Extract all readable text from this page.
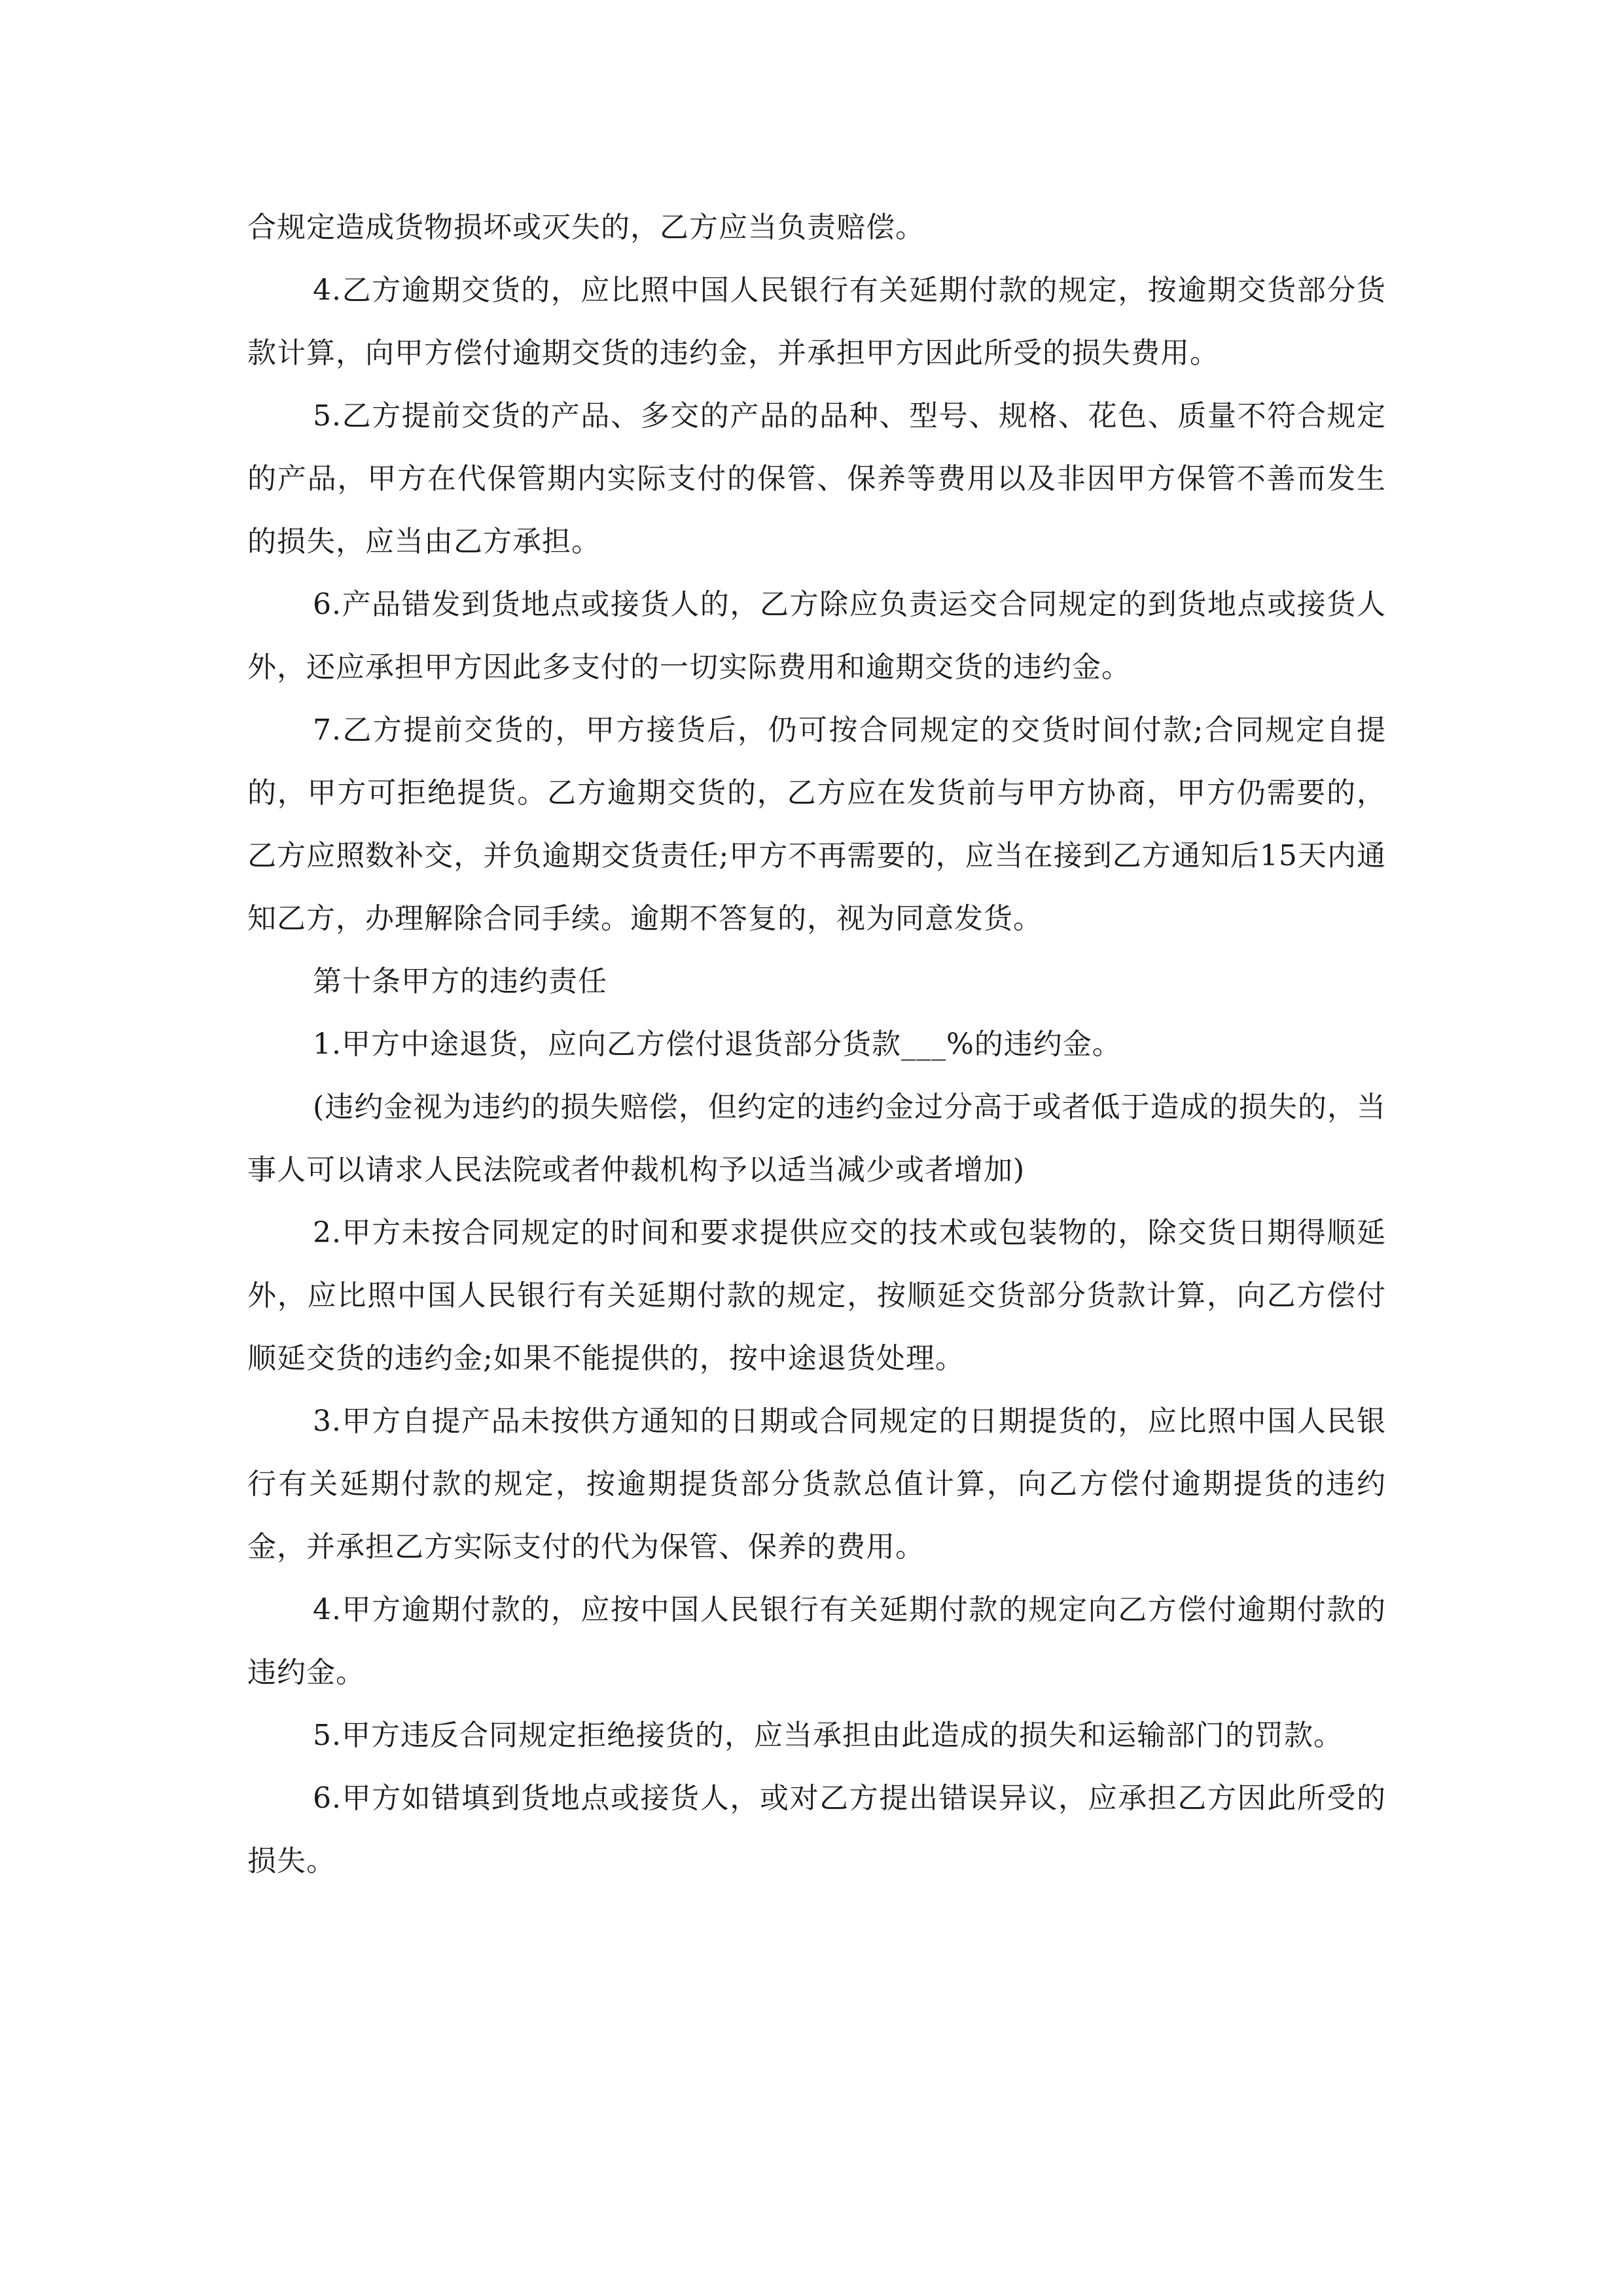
合规定造成货物损坏或灭失的，乙方应当负责赔偿。

4.乙方逾期交货的，应比照中国人民银行有关延期付款的规定，按逾期交货部分货款计算，向甲方偿付逾期交货的违约金，并承担甲方因此所受的损失费用。

5.乙方提前交货的产品、多交的产品的品种、型号、规格、花色、质量不符合规定的产品，甲方在代保管期内实际支付的保管、保养等费用以及非因甲方保管不善而发生的损失，应当由乙方承担。

6.产品错发到货地点或接货人的，乙方除应负责运交合同规定的到货地点或接货人外，还应承担甲方因此多支付的一切实际费用和逾期交货的违约金。

7.乙方提前交货的，甲方接货后，仍可按合同规定的交货时间付款;合同规定自提的，甲方可拒绝提货。乙方逾期交货的，乙方应在发货前与甲方协商，甲方仍需要的，乙方应照数补交，并负逾期交货责任;甲方不再需要的，应当在接到乙方通知后15天内通知乙方，办理解除合同手续。逾期不答复的，视为同意发货。

第十条甲方的违约责任

1.甲方中途退货，应向乙方偿付退货部分货款___%的违约金。

(违约金视为违约的损失赔偿，但约定的违约金过分高于或者低于造成的损失的，当事人可以请求人民法院或者仲裁机构予以适当减少或者增加)

2.甲方未按合同规定的时间和要求提供应交的技术或包装物的，除交货日期得顺延外，应比照中国人民银行有关延期付款的规定，按顺延交货部分货款计算，向乙方偿付顺延交货的违约金;如果不能提供的，按中途退货处理。

3.甲方自提产品未按供方通知的日期或合同规定的日期提货的，应比照中国人民银行有关延期付款的规定，按逾期提货部分货款总值计算，向乙方偿付逾期提货的违约金，并承担乙方实际支付的代为保管、保养的费用。

4.甲方逾期付款的，应按中国人民银行有关延期付款的规定向乙方偿付逾期付款的违约金。

5.甲方违反合同规定拒绝接货的，应当承担由此造成的损失和运输部门的罚款。

6.甲方如错填到货地点或接货人，或对乙方提出错误异议，应承担乙方因此所受的损失。
